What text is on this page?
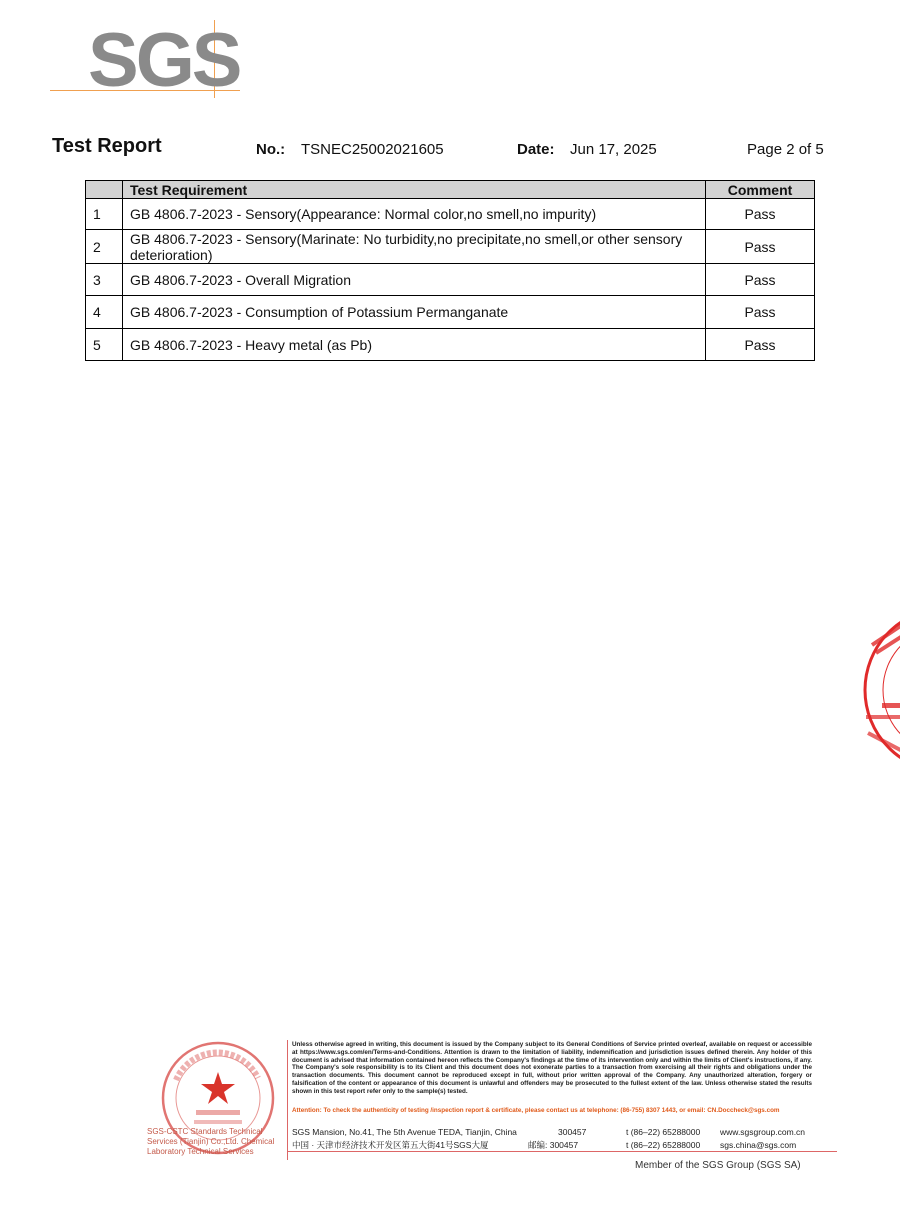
SGS
Test Report	No.: TSNEC25002021605	Date: Jun 17, 2025	Page 2 of 5
	Test Requirement	Comment
1	GB 4806.7-2023 - Sensory(Appearance: Normal color,no smell,no impurity)	Pass
2	GB 4806.7-2023 - Sensory(Marinate: No turbidity,no precipitate,no smell,or other sensory deterioration)	Pass
3	GB 4806.7-2023 - Overall Migration	Pass
4	GB 4806.7-2023 - Consumption of Potassium Permanganate	Pass
5	GB 4806.7-2023 - Heavy metal (as Pb)	Pass
SGS-CSTC Standards Technical Services (Tianjin) Co.,Ltd. Chemical Laboratory Technical Services
Unless otherwise agreed in writing, this document is issued by the Company subject to its General Conditions of Service printed overleaf, available on request or accessible at https://www.sgs.com/en/Terms-and-Conditions. Attention is drawn to the limitation of liability, indemnification and jurisdiction issues defined therein. Any holder of this document is advised that information contained hereon reflects the Company's findings at the time of its intervention only and within the limits of Client's instructions, if any. The Company's sole responsibility is to its Client and this document does not exonerate parties to a transaction from exercising all their rights and obligations under the transaction documents. This document cannot be reproduced except in full, without prior written approval of the Company. Any unauthorized alteration, forgery or falsification of the content or appearance of this document is unlawful and offenders may be prosecuted to the fullest extent of the law. Unless otherwise stated the results shown in this test report refer only to the sample(s) tested.
Attention: To check the authenticity of testing /inspection report & certificate, please contact us at telephone: (86-755) 8307 1443, or email: CN.Doccheck@sgs.com
SGS Mansion, No.41, The 5th Avenue TEDA, Tianjin, China	300457	t (86–22) 65288000 www.sgsgroup.com.cn
中国 · 天津市经济技术开发区第五大街41号SGS大厦	邮编: 300457	t (86–22) 65288000 sgs.china@sgs.com
Member of the SGS Group (SGS SA)
